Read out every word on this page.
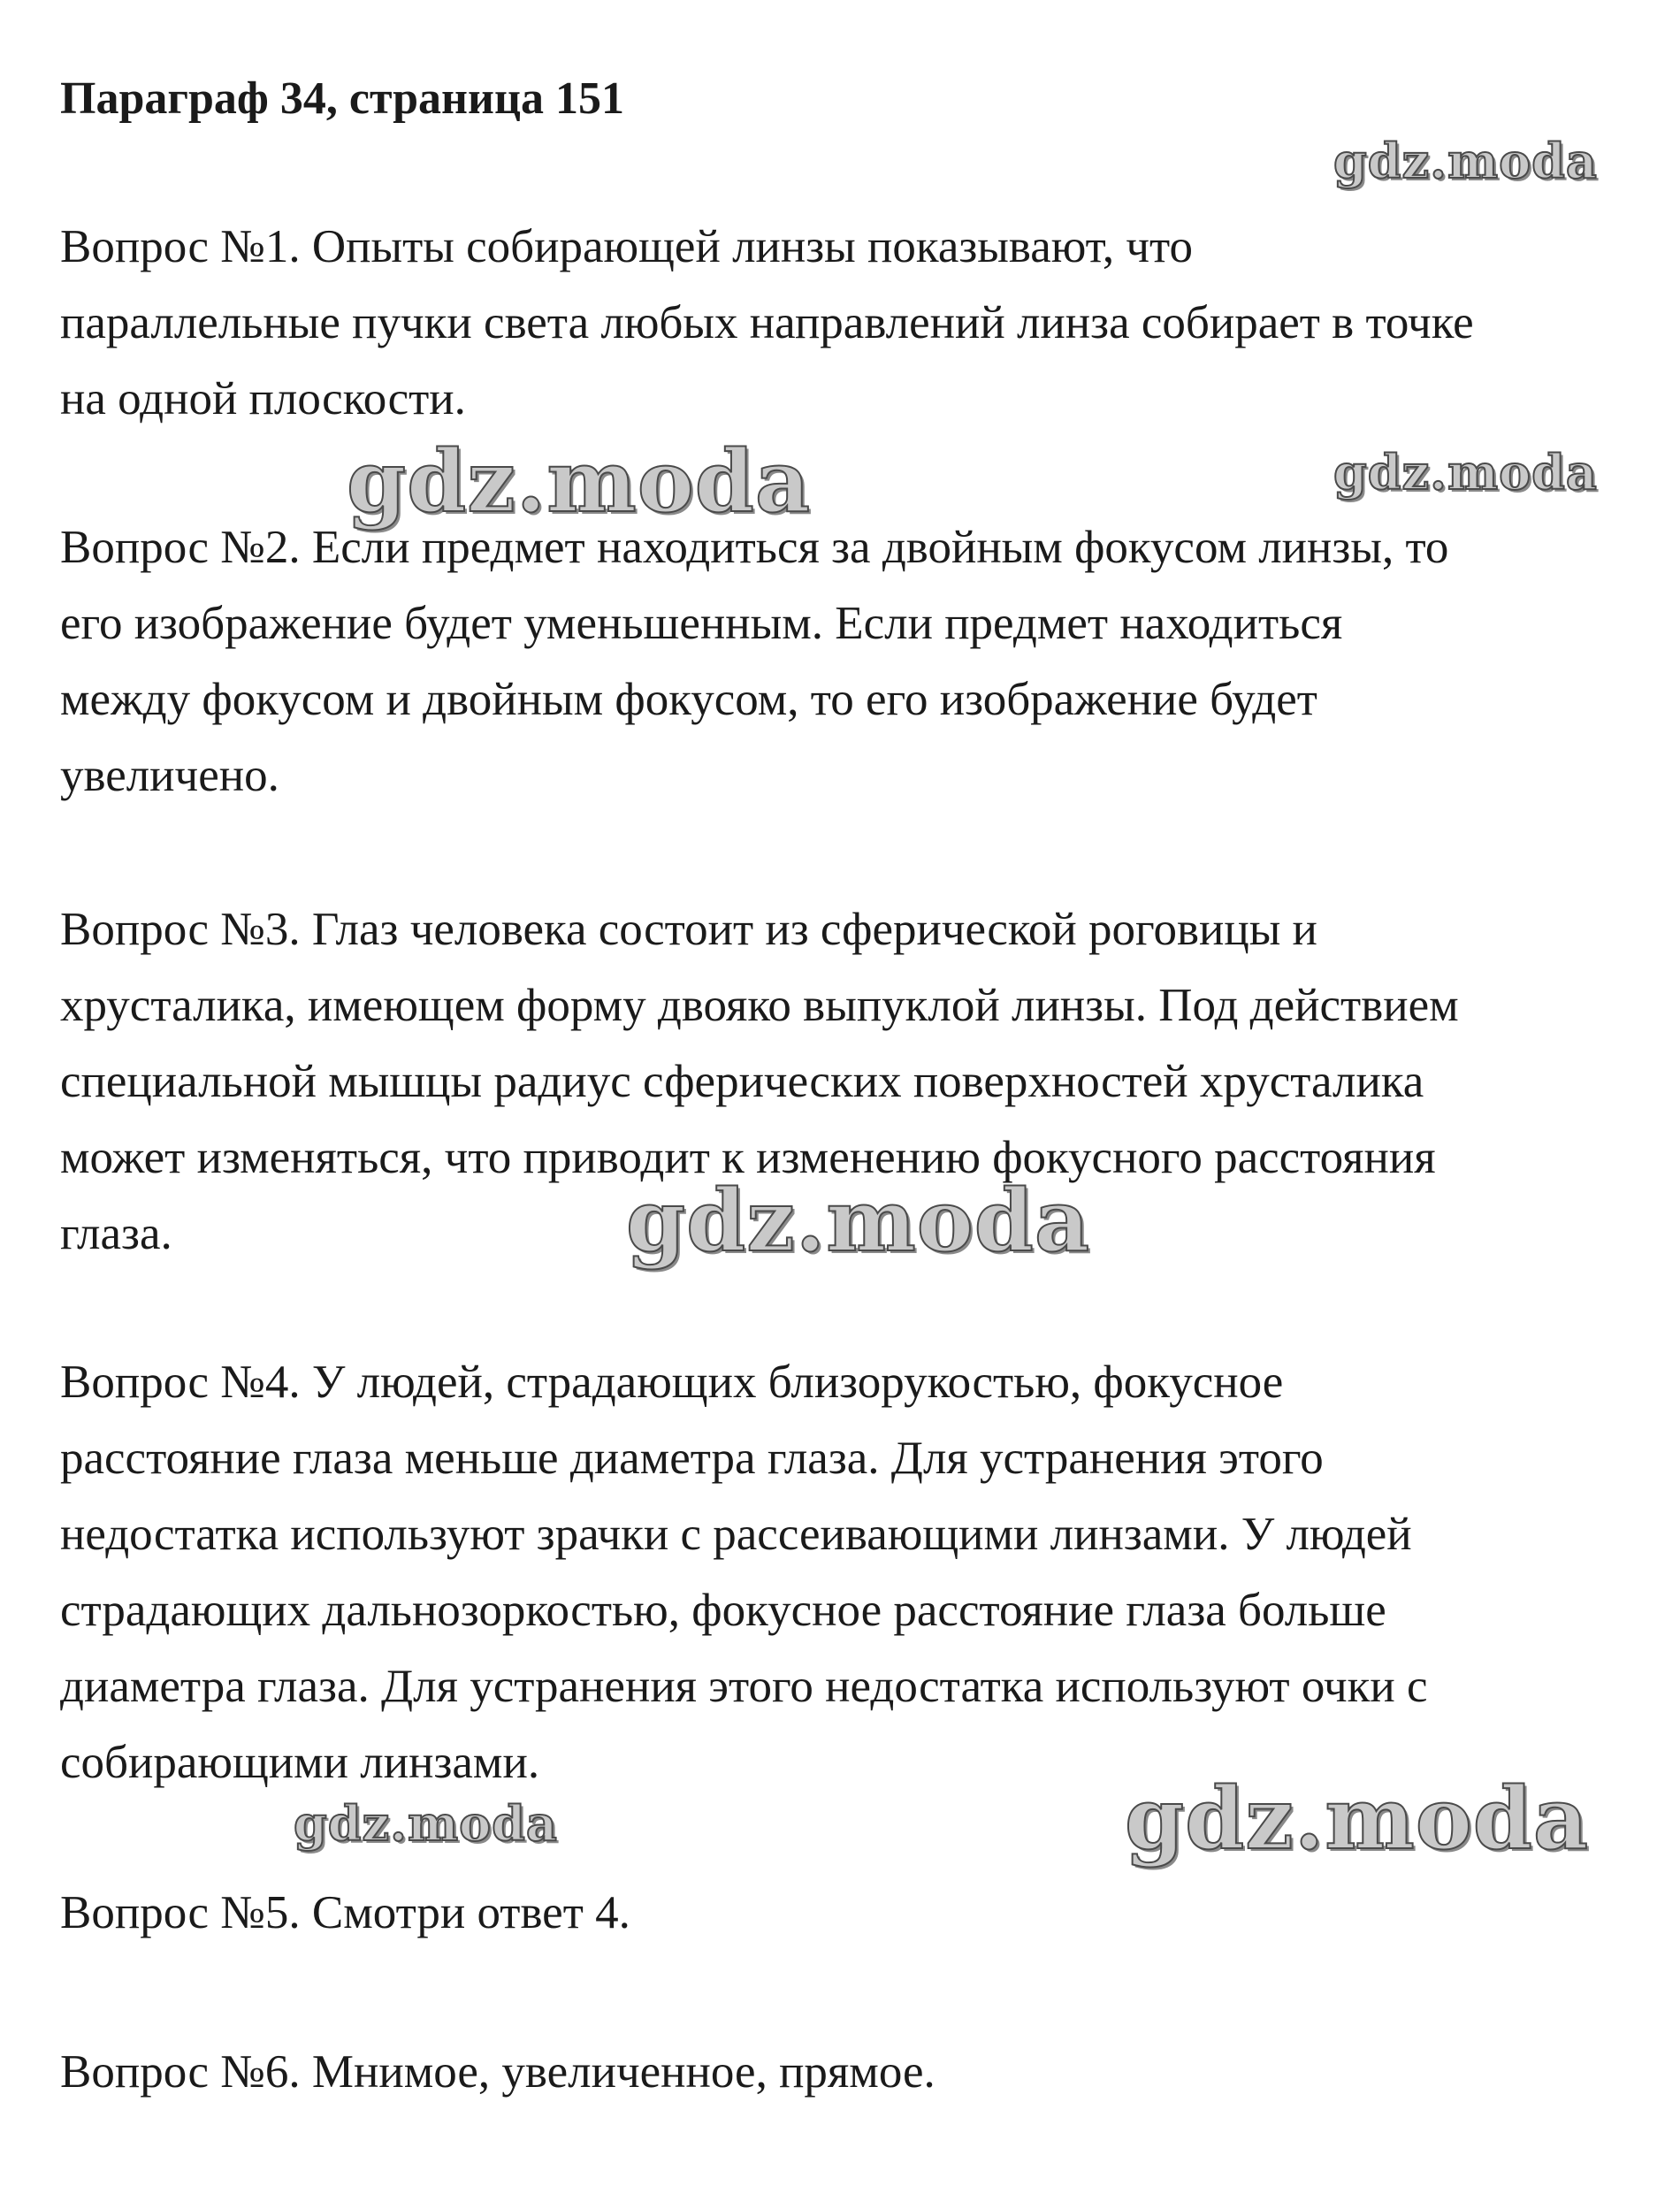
gdz.moda
gdz.moda	gdz.moda
gdz.moda
gdz.moda	gdz.moda
Параграф 34, страница 151

Вопрос №1. Опыты собирающей линзы показывают, что
параллельные пучки света любых направлений линза собирает в точке
на одной плоскости.

Вопрос №2. Если предмет находиться за двойным фокусом линзы, то
его изображение будет уменьшенным. Если предмет находиться
между фокусом и двойным фокусом, то его изображение будет
увеличено.

Вопрос №3. Глаз человека состоит из сферической роговицы и
хрусталика, имеющем форму двояко выпуклой линзы. Под действием
специальной мышцы радиус сферических поверхностей хрусталика
может изменяться, что приводит к изменению фокусного расстояния
глаза.

Вопрос №4. У людей, страдающих близорукостью, фокусное
расстояние глаза меньше диаметра глаза. Для устранения этого
недостатка используют зрачки с рассеивающими линзами. У людей
страдающих дальнозоркостью, фокусное расстояние глаза больше
диаметра глаза. Для устранения этого недостатка используют очки с
собирающими линзами.

Вопрос №5. Смотри ответ 4.

Вопрос №6. Мнимое, увеличенное, прямое.
